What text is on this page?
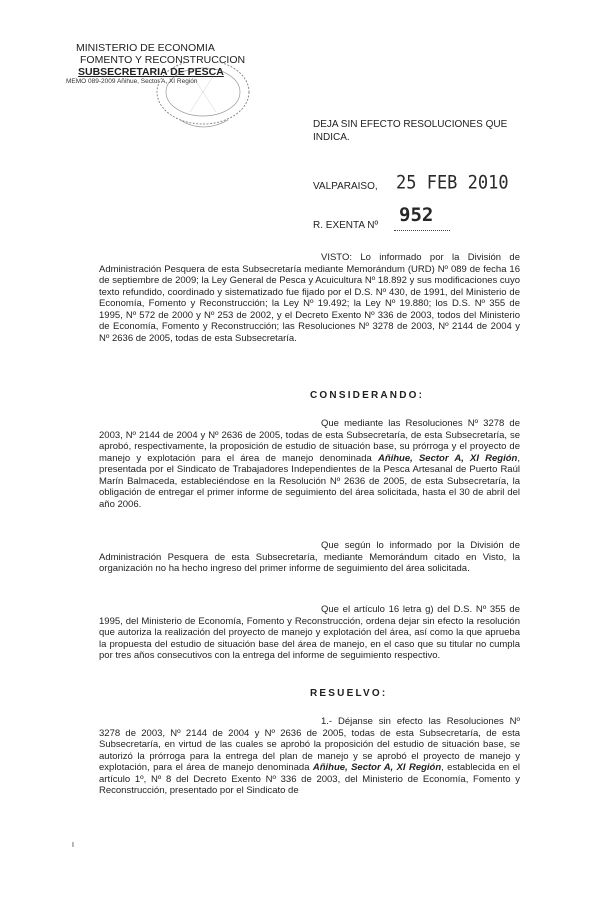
MINISTERIO DE ECONOMIA
FOMENTO Y RECONSTRUCCION
SUBSECRETARIA DE PESCA
MEMO 089-2009 Añihue, Sector A, XI Región
DEJA SIN EFECTO RESOLUCIONES QUE INDICA.
VALPARAISO, 25 FEB 2010
R. EXENTA Nº 952
VISTO: Lo informado por la División de Administración Pesquera de esta Subsecretaría mediante Memorándum (URD) Nº 089 de fecha 16 de septiembre de 2009; la Ley General de Pesca y Acuicultura Nº 18.892 y sus modificaciones cuyo texto refundido, coordinado y sistematizado fue fijado por el D.S. Nº 430, de 1991, del Ministerio de Economía, Fomento y Reconstrucción; la Ley Nº 19.492; la Ley Nº 19.880; los D.S. Nº 355 de 1995, Nº 572 de 2000 y Nº 253 de 2002, y el Decreto Exento Nº 336 de 2003, todos del Ministerio de Economía, Fomento y Reconstrucción; las Resoluciones Nº 3278 de 2003, Nº 2144 de 2004 y Nº 2636 de 2005, todas de esta Subsecretaría.
CONSIDERANDO:
Que mediante las Resoluciones Nº 3278 de 2003, Nº 2144 de 2004 y Nº 2636 de 2005, todas de esta Subsecretaría, de esta Subsecretaría, se aprobó, respectivamente, la proposición de estudio de situación base, su prórroga y el proyecto de manejo y explotación para el área de manejo denominada Añihue, Sector A, XI Región, presentada por el Sindicato de Trabajadores Independientes de la Pesca Artesanal de Puerto Raúl Marín Balmaceda, estableciéndose en la Resolución Nº 2636 de 2005, de esta Subsecretaría, la obligación de entregar el primer informe de seguimiento del área solicitada, hasta el 30 de abril del año 2006.
Que según lo informado por la División de Administración Pesquera de esta Subsecretaría, mediante Memorándum citado en Visto, la organización no ha hecho ingreso del primer informe de seguimiento del área solicitada.
Que el artículo 16 letra g) del D.S. Nº 355 de 1995, del Ministerio de Economía, Fomento y Reconstrucción, ordena dejar sin efecto la resolución que autoriza la realización del proyecto de manejo y explotación del área, así como la que aprueba la propuesta del estudio de situación base del área de manejo, en el caso que su titular no cumpla por tres años consecutivos con la entrega del informe de seguimiento respectivo.
RESUELVO:
1.- Déjanse sin efecto las Resoluciones Nº 3278 de 2003, Nº 2144 de 2004 y Nº 2636 de 2005, todas de esta Subsecretaría, de esta Subsecretaría, en virtud de las cuales se aprobó la proposición del estudio de situación base, se autorizó la prórroga para la entrega del plan de manejo y se aprobó el proyecto de manejo y explotación, para el área de manejo denominada Añihue, Sector A, XI Región, establecida en el artículo 1º, Nº 8 del Decreto Exento Nº 336 de 2003, del Ministerio de Economía, Fomento y Reconstrucción, presentado por el Sindicato de
I
